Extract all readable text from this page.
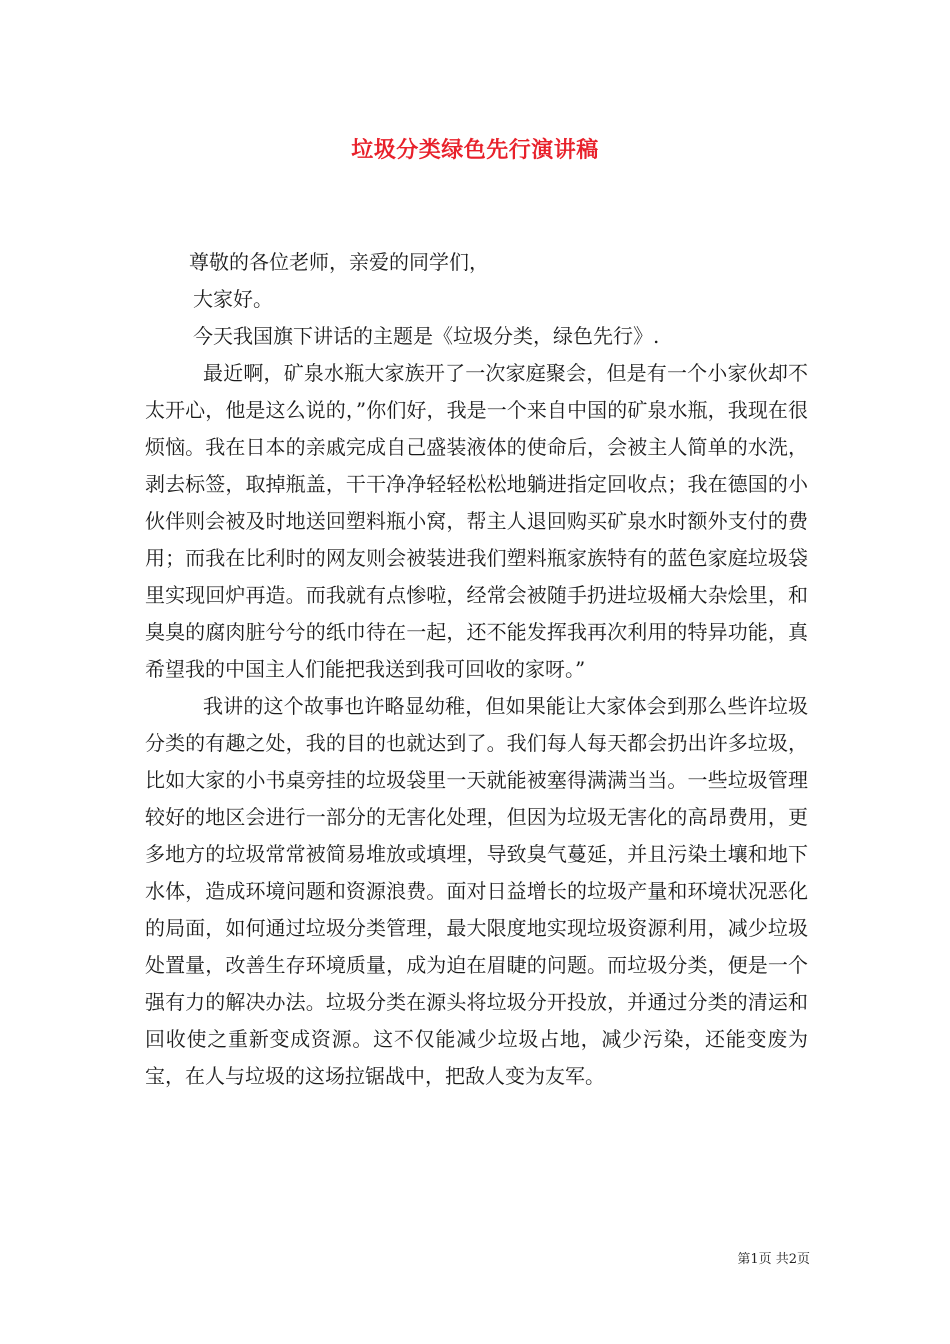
垃圾分类绿色先行演讲稿

尊敬的各位老师，亲爱的同学们，

大家好。

今天我国旗下讲话的主题是《垃圾分类，绿色先行》.

最近啊，矿泉水瓶大家族开了一次家庭聚会，但是有一个小家伙却不太开心，他是这么说的，”你们好，我是一个来自中国的矿泉水瓶，我现在很烦恼。我在日本的亲戚完成自己盛装液体的使命后，会被主人简单的水洗，剥去标签，取掉瓶盖，干干净净轻轻松松地躺进指定回收点；我在德国的小伙伴则会被及时地送回塑料瓶小窝，帮主人退回购买矿泉水时额外支付的费用；而我在比利时的网友则会被装进我们塑料瓶家族特有的蓝色家庭垃圾袋里实现回炉再造。而我就有点惨啦，经常会被随手扔进垃圾桶大杂烩里，和臭臭的腐肉脏兮兮的纸巾待在一起，还不能发挥我再次利用的特异功能，真希望我的中国主人们能把我送到我可回收的家呀。”

我讲的这个故事也许略显幼稚，但如果能让大家体会到那么些许垃圾分类的有趣之处，我的目的也就达到了。我们每人每天都会扔出许多垃圾，比如大家的小书桌旁挂的垃圾袋里一天就能被塞得满满当当。一些垃圾管理较好的地区会进行一部分的无害化处理，但因为垃圾无害化的高昂费用，更多地方的垃圾常常被简易堆放或填埋，导致臭气蔓延，并且污染土壤和地下水体，造成环境问题和资源浪费。面对日益增长的垃圾产量和环境状况恶化的局面，如何通过垃圾分类管理，最大限度地实现垃圾资源利用，减少垃圾处置量，改善生存环境质量，成为迫在眉睫的问题。而垃圾分类，便是一个强有力的解决办法。垃圾分类在源头将垃圾分开投放，并通过分类的清运和回收使之重新变成资源。这不仅能减少垃圾占地，减少污染，还能变废为宝，在人与垃圾的这场拉锯战中，把敌人变为友军。

第1页 共2页
